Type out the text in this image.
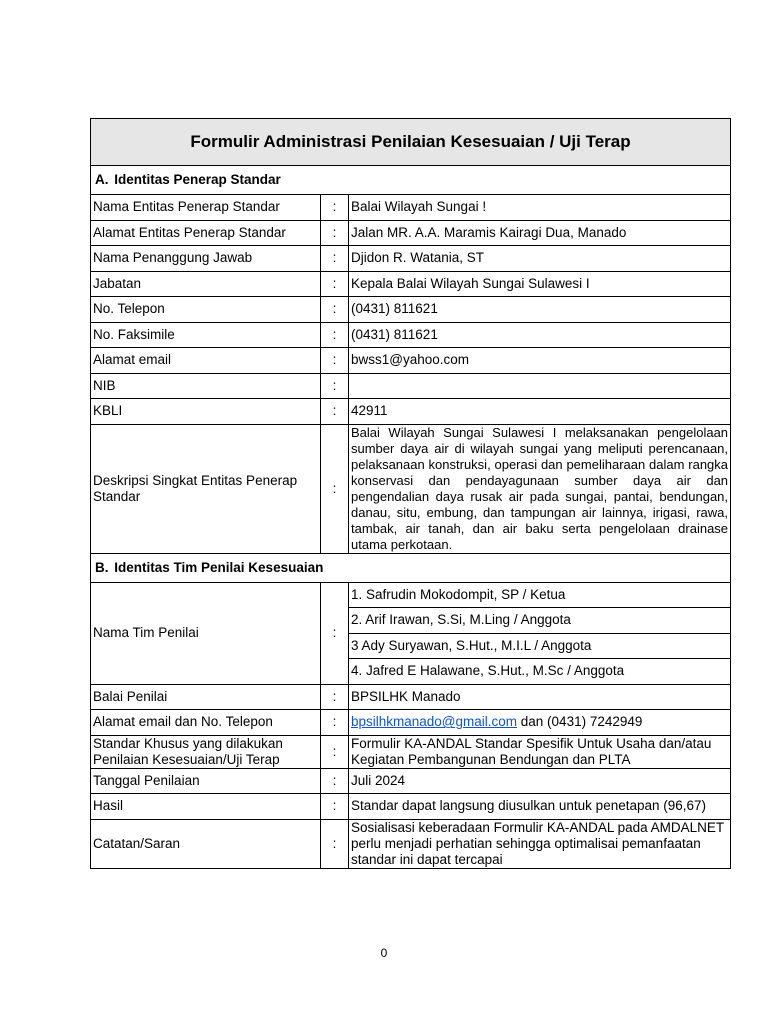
Formulir Administrasi Penilaian Kesesuaian / Uji Terap		
A. Identitas Penerap Standar		
Nama Entitas Penerap Standar	:	Balai Wilayah Sungai !
Alamat Entitas Penerap Standar	:	Jalan MR. A.A. Maramis Kairagi Dua, Manado
Nama Penanggung Jawab	:	Djidon R. Watania, ST
Jabatan	:	Kepala Balai Wilayah Sungai Sulawesi I
No. Telepon	:	(0431) 811621
No. Faksimile	:	(0431) 811621
Alamat email	:	bwss1@yahoo.com
NIB	:	
KBLI	:	42911

Deskripsi Singkat Entitas Penerap
Standar	:	Balai Wilayah Sungai Sulawesi I melaksanakan pengelolaan sumber daya air di wilayah sungai yang meliputi perencanaan, pelaksanaan konstruksi, operasi dan pemeliharaan dalam rangka konservasi dan pendayagunaan sumber daya air dan pengendalian daya rusak air pada sungai, pantai, bendungan, danau, situ, embung, dan tampungan air lainnya, irigasi, rawa, tambak, air tanah, dan air baku serta pengelolaan drainase utama perkotaan.
B. Identitas Tim Penilai Kesesuaian		
Nama Tim Penilai	:	1. Safrudin Mokodompit, SP / Ketua
		2. Arif Irawan, S.Si, M.Ling / Anggota
		3 Ady Suryawan, S.Hut., M.I.L / Anggota
		4. Jafred E Halawane, S.Hut., M.Sc / Anggota
Balai Penilai	:	BPSILHK Manado
Alamat email dan No. Telepon	:	bpsilhkmanado@gmail.com dan (0431) 7242949

Standar Khusus yang dilakukan
Penilaian Kesesuaian/Uji Terap	:	Formulir KA-ANDAL Standar Spesifik Untuk Usaha dan/atau Kegiatan Pembangunan Bendungan dan PLTA
Tanggal Penilaian	:	Juli 2024
Hasil	:	Standar dapat langsung diusulkan untuk penetapan (96,67)
Catatan/Saran	:	Sosialisasi keberadaan Formulir KA-ANDAL pada AMDALNET perlu menjadi perhatian sehingga optimalisai pemanfaatan standar ini dapat tercapai
0
